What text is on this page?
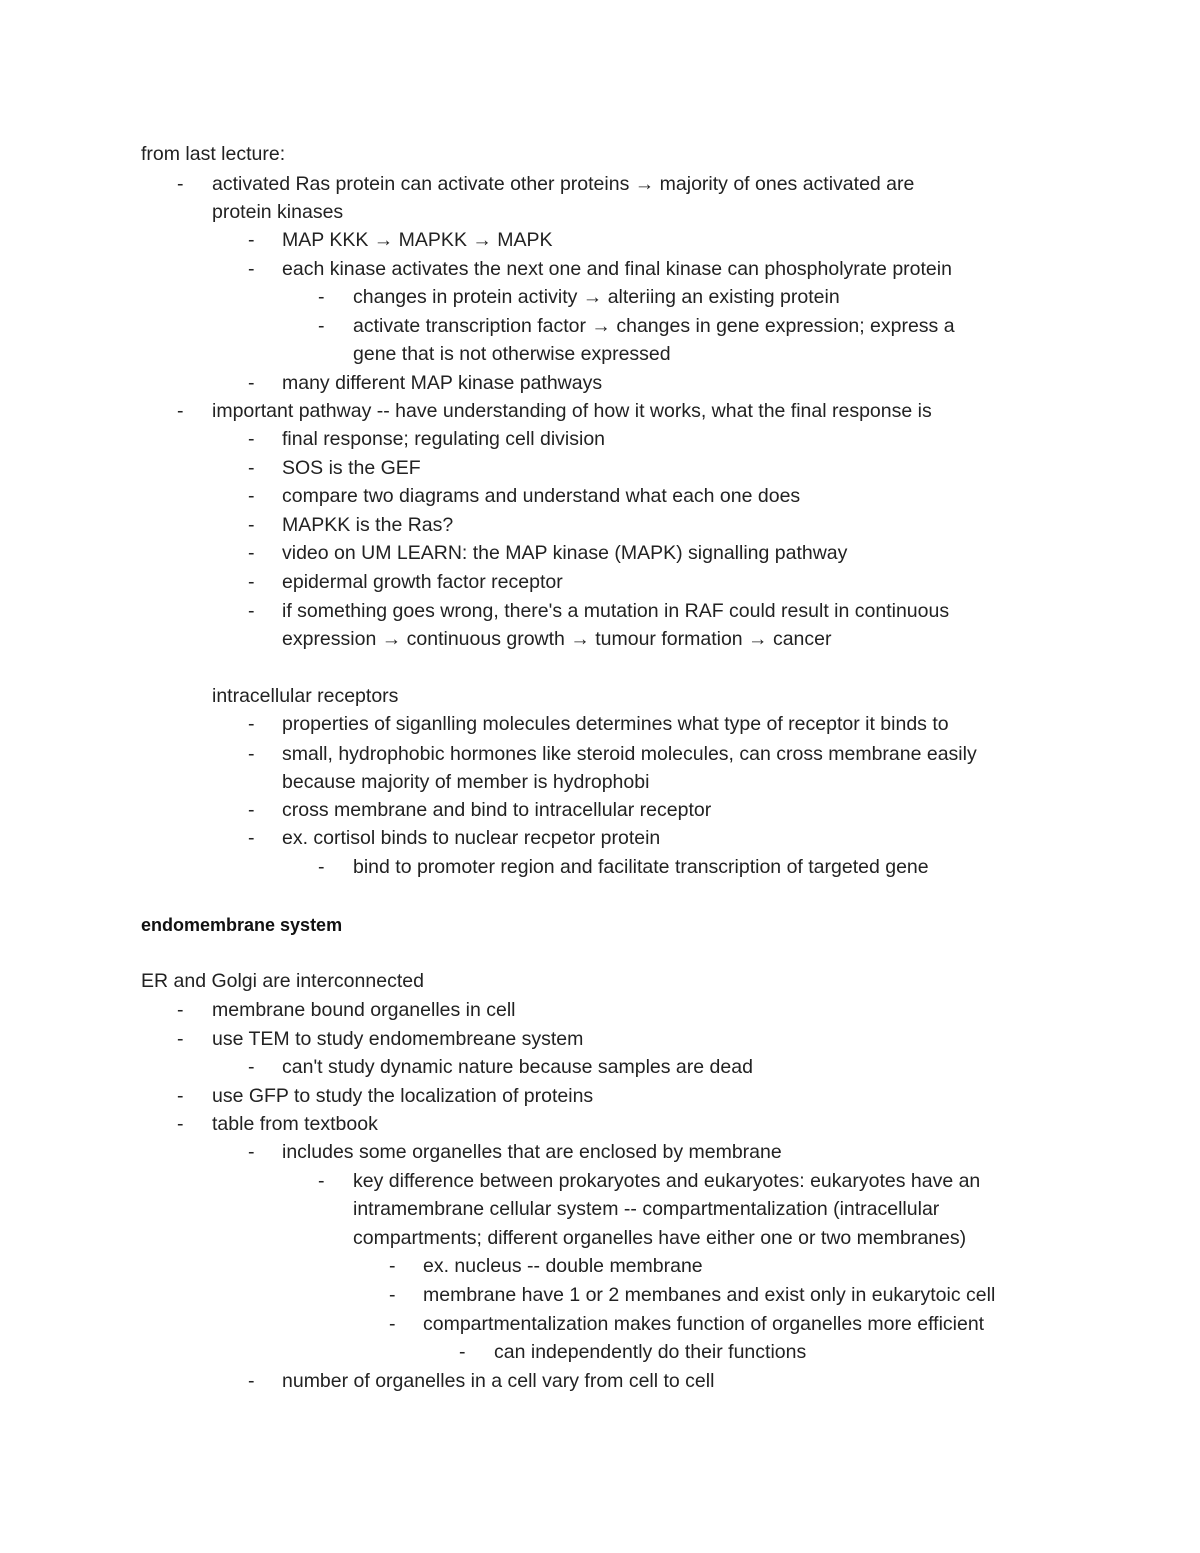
from last lecture:
- activated Ras protein can activate other proteins → majority of ones activated are
protein kinases
- MAP KKK → MAPKK → MAPK
- each kinase activates the next one and final kinase can phospholyrate protein
- changes in protein activity → alteriing an existing protein
- activate transcription factor → changes in gene expression; express a
gene that is not otherwise expressed
- many different MAP kinase pathways
- important pathway -- have understanding of how it works, what the final response is
- final response; regulating cell division
- SOS is the GEF
- compare two diagrams and understand what each one does
- MAPKK is the Ras?
- video on UM LEARN: the MAP kinase (MAPK) signalling pathway
- epidermal growth factor receptor
- if something goes wrong, there's a mutation in RAF could result in continuous
expression → continuous growth → tumour formation → cancer
intracellular receptors
- properties of siganlling molecules determines what type of receptor it binds to
- small, hydrophobic hormones like steroid molecules, can cross membrane easily
because majority of member is hydrophobi
- cross membrane and bind to intracellular receptor
- ex. cortisol binds to nuclear recpetor protein
- bind to promoter region and facilitate transcription of targeted gene
endomembrane system
ER and Golgi are interconnected
- membrane bound organelles in cell
- use TEM to study endomembreane system
- can't study dynamic nature because samples are dead
- use GFP to study the localization of proteins
- table from textbook
- includes some organelles that are enclosed by membrane
- key difference between prokaryotes and eukaryotes: eukaryotes have an
intramembrane cellular system -- compartmentalization (intracellular
compartments; different organelles have either one or two membranes)
- ex. nucleus -- double membrane
- membrane have 1 or 2 membanes and exist only in eukarytoic cell
- compartmentalization makes function of organelles more efficient
- can independently do their functions
- number of organelles in a cell vary from cell to cell
